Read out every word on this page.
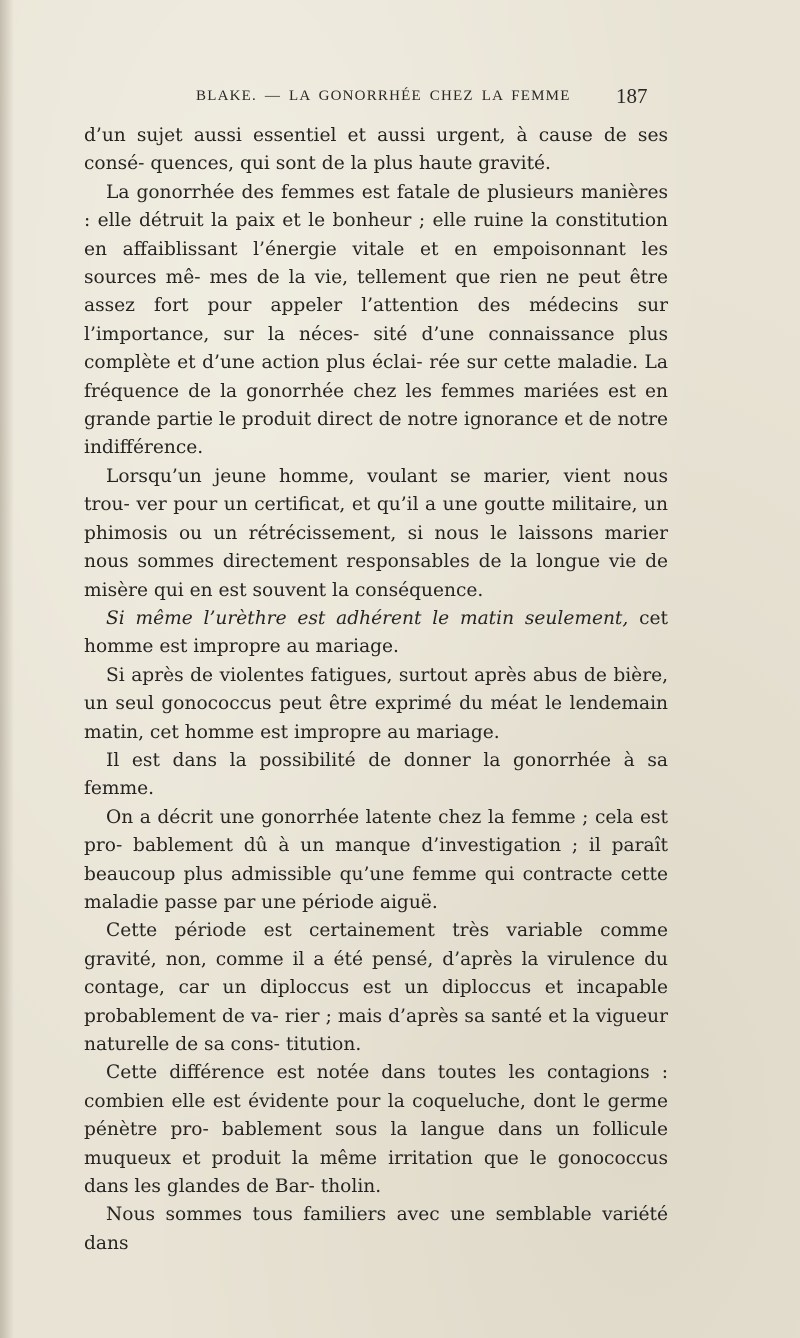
BLAKE. — LA GONORRHÉE CHEZ LA FEMME 187

d’un sujet aussi essentiel et aussi urgent, à cause de ses consé- quences, qui sont de la plus haute gravité.

La gonorrhée des femmes est fatale de plusieurs manières : elle détruit la paix et le bonheur ; elle ruine la constitution en affaiblissant l’énergie vitale et en empoisonnant les sources mê- mes de la vie, tellement que rien ne peut être assez fort pour appeler l’attention des médecins sur l’importance, sur la néces- sité d’une connaissance plus complète et d’une action plus éclai- rée sur cette maladie. La fréquence de la gonorrhée chez les femmes mariées est en grande partie le produit direct de notre ignorance et de notre indifférence.

Lorsqu’un jeune homme, voulant se marier, vient nous trou- ver pour un certificat, et qu’il a une goutte militaire, un phimosis ou un rétrécissement, si nous le laissons marier nous sommes directement responsables de la longue vie de misère qui en est souvent la conséquence.

Si même l’urèthre est adhérent le matin seulement, cet homme est impropre au mariage.

Si après de violentes fatigues, surtout après abus de bière, un seul gonococcus peut être exprimé du méat le lendemain matin, cet homme est impropre au mariage.

Il est dans la possibilité de donner la gonorrhée à sa femme.

On a décrit une gonorrhée latente chez la femme ; cela est pro- bablement dû à un manque d’investigation ; il paraît beaucoup plus admissible qu’une femme qui contracte cette maladie passe par une période aiguë.

Cette période est certainement très variable comme gravité, non, comme il a été pensé, d’après la virulence du contage, car un diploccus est un diploccus et incapable probablement de va- rier ; mais d’après sa santé et la vigueur naturelle de sa cons- titution.

Cette différence est notée dans toutes les contagions : combien elle est évidente pour la coqueluche, dont le germe pénètre pro- bablement sous la langue dans un follicule muqueux et produit la même irritation que le gonococcus dans les glandes de Bar- tholin.

Nous sommes tous familiers avec une semblable variété dans
